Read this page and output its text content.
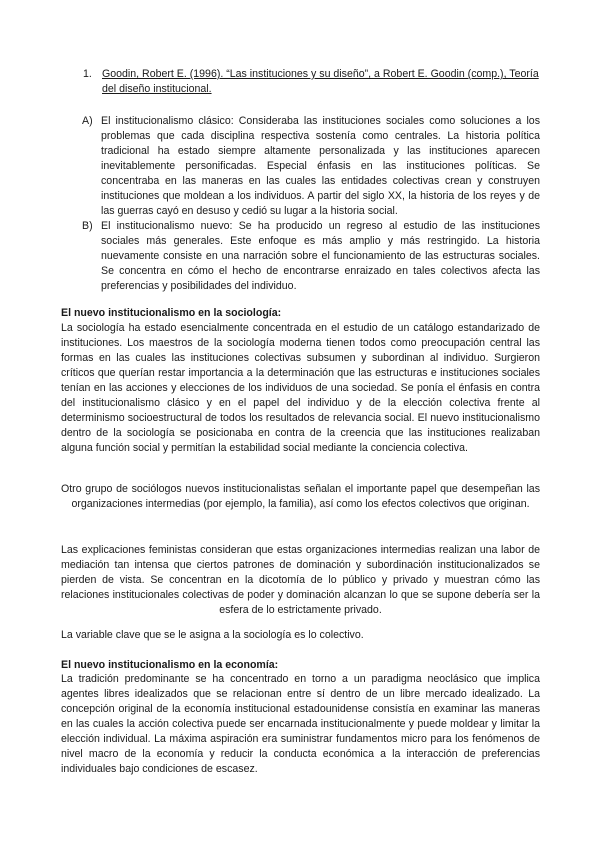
1. Goodin, Robert E. (1996). “Las instituciones y su diseño”, a Robert E. Goodin (comp.), Teoría del diseño institucional.
A) El institucionalismo clásico: Consideraba las instituciones sociales como soluciones a los problemas que cada disciplina respectiva sostenía como centrales. La historia política tradicional ha estado siempre altamente personalizada y las instituciones aparecen inevitablemente personificadas. Especial énfasis en las instituciones políticas. Se concentraba en las maneras en las cuales las entidades colectivas crean y construyen instituciones que moldean a los individuos. A partir del siglo XX, la historia de los reyes y de las guerras cayó en desuso y cedió su lugar a la historia social.
B) El institucionalismo nuevo: Se ha producido un regreso al estudio de las instituciones sociales más generales. Este enfoque es más amplio y más restringido. La historia nuevamente consiste en una narración sobre el funcionamiento de las estructuras sociales. Se concentra en cómo el hecho de encontrarse enraizado en tales colectivos afecta las preferencias y posibilidades del individuo.
El nuevo institucionalismo en la sociología:
La sociología ha estado esencialmente concentrada en el estudio de un catálogo estandarizado de instituciones. Los maestros de la sociología moderna tienen todos como preocupación central las formas en las cuales las instituciones colectivas subsumen y subordinan al individuo. Surgieron críticos que querían restar importancia a la determinación que las estructuras e instituciones sociales tenían en las acciones y elecciones de los individuos de una sociedad. Se ponía el énfasis en contra del institucionalismo clásico y en el papel del individuo y de la elección colectiva frente al determinismo socioestructural de todos los resultados de relevancia social. El nuevo institucionalismo dentro de la sociología se posicionaba en contra de la creencia que las instituciones realizaban alguna función social y permitían la estabilidad social mediante la conciencia colectiva.
Otro grupo de sociólogos nuevos institucionalistas señalan el importante papel que desempeñan las organizaciones intermedias (por ejemplo, la familia), así como los efectos colectivos que originan.
Las explicaciones feministas consideran que estas organizaciones intermedias realizan una labor de mediación tan intensa que ciertos patrones de dominación y subordinación institucionalizados se pierden de vista. Se concentran en la dicotomía de lo público y privado y muestran cómo las relaciones institucionales colectivas de poder y dominación alcanzan lo que se supone debería ser la esfera de lo estrictamente privado.
La variable clave que se le asigna a la sociología es lo colectivo.
El nuevo institucionalismo en la economía:
La tradición predominante se ha concentrado en torno a un paradigma neoclásico que implica agentes libres idealizados que se relacionan entre sí dentro de un libre mercado idealizado. La concepción original de la economía institucional estadounidense consistía en examinar las maneras en las cuales la acción colectiva puede ser encarnada institucionalmente y puede moldear y limitar la elección individual. La máxima aspiración era suministrar fundamentos micro para los fenómenos de nivel macro de la economía y reducir la conducta económica a la interacción de preferencias individuales bajo condiciones de escasez.
